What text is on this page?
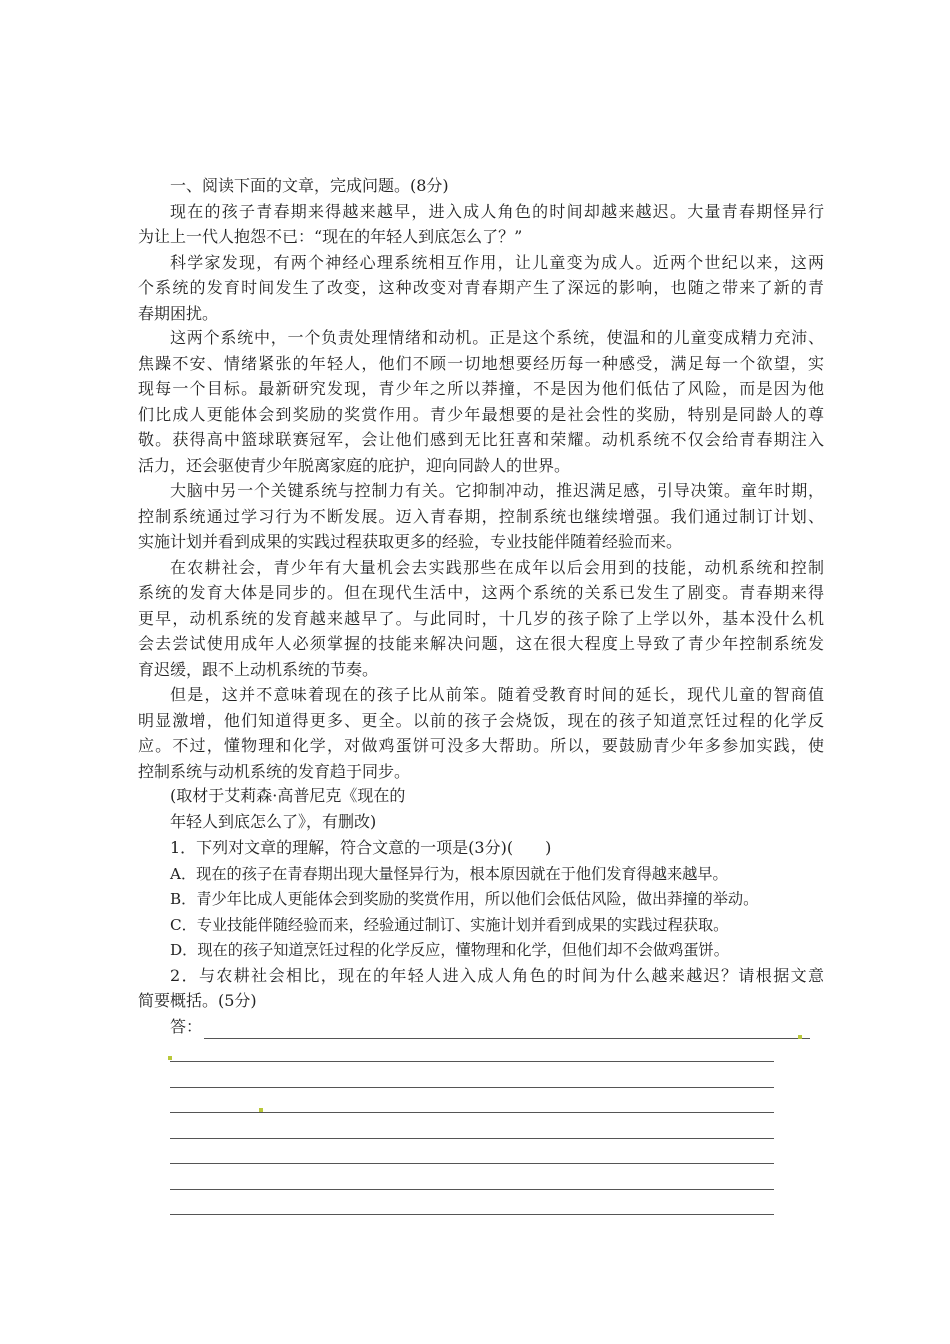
一、阅读下面的文章，完成问题。(8分)
现在的孩子青春期来得越来越早，进入成人角色的时间却越来越迟。大量青春期怪异行
为让上一代人抱怨不已：“现在的年轻人到底怎么了？”
科学家发现，有两个神经心理系统相互作用，让儿童变为成人。近两个世纪以来，这两
个系统的发育时间发生了改变，这种改变对青春期产生了深远的影响，也随之带来了新的青
春期困扰。
这两个系统中，一个负责处理情绪和动机。正是这个系统，使温和的儿童变成精力充沛、
焦躁不安、情绪紧张的年轻人，他们不顾一切地想要经历每一种感受，满足每一个欲望，实
现每一个目标。最新研究发现，青少年之所以莽撞，不是因为他们低估了风险，而是因为他
们比成人更能体会到奖励的奖赏作用。青少年最想要的是社会性的奖励，特别是同龄人的尊
敬。获得高中篮球联赛冠军，会让他们感到无比狂喜和荣耀。动机系统不仅会给青春期注入
活力，还会驱使青少年脱离家庭的庇护，迎向同龄人的世界。
大脑中另一个关键系统与控制力有关。它抑制冲动，推迟满足感，引导决策。童年时期，
控制系统通过学习行为不断发展。迈入青春期，控制系统也继续增强。我们通过制订计划、
实施计划并看到成果的实践过程获取更多的经验，专业技能伴随着经验而来。
在农耕社会，青少年有大量机会去实践那些在成年以后会用到的技能，动机系统和控制
系统的发育大体是同步的。但在现代生活中，这两个系统的关系已发生了剧变。青春期来得
更早，动机系统的发育越来越早了。与此同时，十几岁的孩子除了上学以外，基本没什么机
会去尝试使用成年人必须掌握的技能来解决问题，这在很大程度上导致了青少年控制系统发
育迟缓，跟不上动机系统的节奏。
但是，这并不意味着现在的孩子比从前笨。随着受教育时间的延长，现代儿童的智商值
明显激增，他们知道得更多、更全。以前的孩子会烧饭，现在的孩子知道烹饪过程的化学反
应。不过，懂物理和化学，对做鸡蛋饼可没多大帮助。所以，要鼓励青少年多参加实践，使
控制系统与动机系统的发育趋于同步。
(取材于艾莉森·高普尼克《现在的
年轻人到底怎么了》，有删改)
1．下列对文章的理解，符合文意的一项是(3分)(　　)
A．现在的孩子在青春期出现大量怪异行为，根本原因就在于他们发育得越来越早。
B．青少年比成人更能体会到奖励的奖赏作用，所以他们会低估风险，做出莽撞的举动。
C．专业技能伴随经验而来，经验通过制订、实施计划并看到成果的实践过程获取。
D．现在的孩子知道烹饪过程的化学反应，懂物理和化学，但他们却不会做鸡蛋饼。
2．与农耕社会相比，现在的年轻人进入成人角色的时间为什么越来越迟？请根据文意
简要概括。(5分)
答：
